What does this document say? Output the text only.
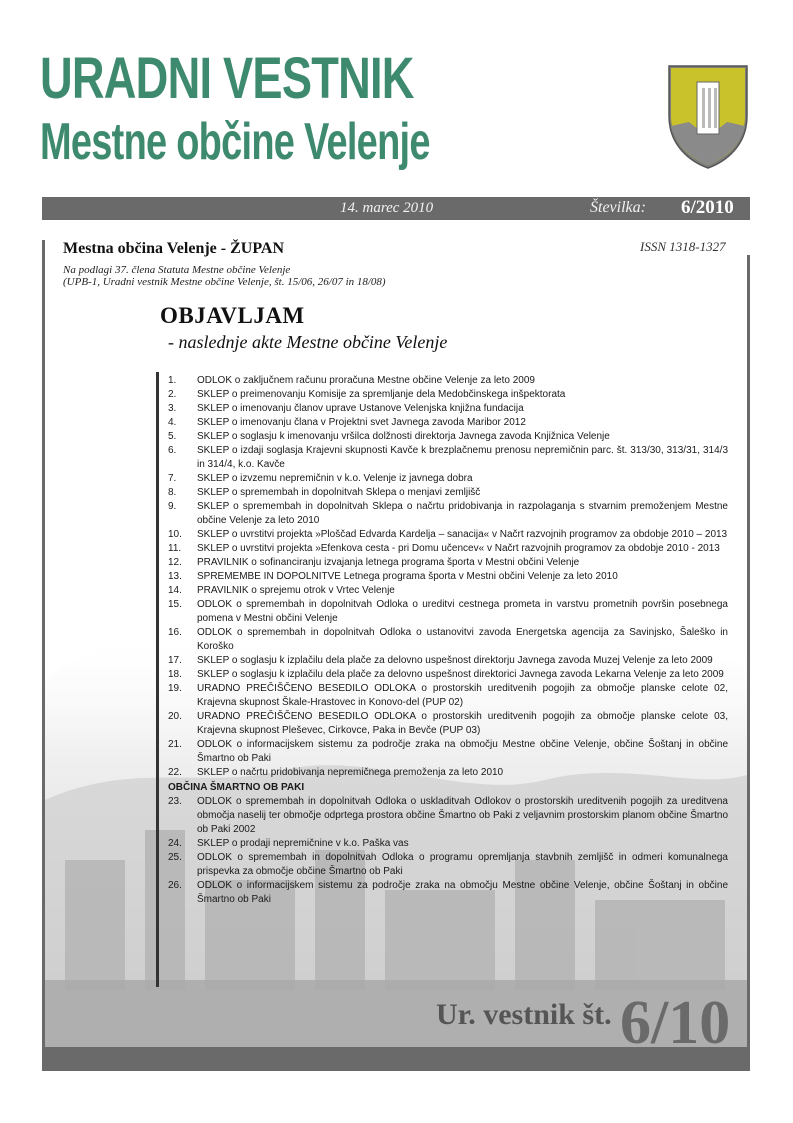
URADNI VESTNIK
Mestne občine Velenje
14. marec 2010	Številka: 6/2010
ISSN 1318-1327
Mestna občina Velenje - ŽUPAN
Na podlagi 37. člena Statuta Mestne občine Velenje
(UPB-1, Uradni vestnik Mestne občine Velenje, št. 15/06, 26/07 in 18/08)
OBJAVLJAM
- naslednje akte Mestne občine Velenje
1.	ODLOK o zaključnem računu proračuna Mestne občine Velenje za leto 2009
2.	SKLEP o preimenovanju Komisije za spremljanje dela Medobčinskega inšpektorata
3.	SKLEP o imenovanju članov uprave Ustanove Velenjska knjižna fundacija
4.	SKLEP o imenovanju člana v Projektni svet Javnega zavoda Maribor 2012
5.	SKLEP o soglasju k imenovanju vršilca dolžnosti direktorja Javnega zavoda Knjižnica Velenje
6.	SKLEP o izdaji soglasja Krajevni skupnosti Kavče k brezplačnemu prenosu nepremičnin parc. št. 313/30, 313/31, 314/3 in 314/4, k.o. Kavče
7.	SKLEP o izvzemu nepremičnin v k.o. Velenje iz javnega dobra
8.	SKLEP o spremembah in dopolnitvah Sklepa o menjavi zemljišč
9.	SKLEP o spremembah in dopolnitvah Sklepa o načrtu pridobivanja in razpolaganja s stvarnim premoženjem Mestne občine Velenje za leto 2010
10.	SKLEP o uvrstitvi projekta »Ploščad Edvarda Kardelja – sanacija« v Načrt razvojnih programov za obdobje 2010 – 2013
11.	SKLEP o uvrstitvi projekta »Efenkova cesta - pri Domu učencev« v Načrt razvojnih programov za obdobje 2010 - 2013
12.	PRAVILNIK o sofinanciranju izvajanja letnega programa športa v Mestni občini Velenje
13.	SPREMEMBE IN DOPOLNITVE Letnega programa športa v Mestni občini Velenje za leto 2010
14.	PRAVILNIK o sprejemu otrok v Vrtec Velenje
15.	ODLOK o spremembah in dopolnitvah Odloka o ureditvi cestnega prometa in varstvu prometnih površin posebnega pomena v Mestni občini Velenje
16.	ODLOK o spremembah in dopolnitvah Odloka o ustanovitvi zavoda Energetska agencija za Savinjsko, Šaleško in Koroško
17.	SKLEP o soglasju k izplačilu dela plače za delovno uspešnost direktorju Javnega zavoda Muzej Velenje za leto 2009
18.	SKLEP o soglasju k izplačilu dela plače za delovno uspešnost direktorici Javnega zavoda Lekarna Velenje za leto 2009
19.	URADNO PREČIŠČENO BESEDILO ODLOKA o prostorskih ureditvenih pogojih za območje planske celote 02, Krajevna skupnost Škale-Hrastovec in Konovo-del (PUP 02)
20.	URADNO PREČIŠČENO BESEDILO ODLOKA o prostorskih ureditvenih pogojih za območje planske celote 03, Krajevna skupnost Pleševec, Cirkovce, Paka in Bevče (PUP 03)
21.	ODLOK o informacijskem sistemu za področje zraka na območju Mestne občine Velenje, občine Šoštanj in občine Šmartno ob Paki
22.	SKLEP o načrtu pridobivanja nepremičnega premoženja za leto 2010
OBČINA ŠMARTNO OB PAKI
23.	ODLOK o spremembah in dopolnitvah Odloka o uskladitvah Odlokov o prostorskih ureditvenih pogojih za ureditvena območja naselij ter območje odprtega prostora občine Šmartno ob Paki z veljavnim prostorskim planom občine Šmartno ob Paki 2002
24.	SKLEP o prodaji nepremičnine v k.o. Paška vas
25.	ODLOK o spremembah in dopolnitvah Odloka o programu opremljanja stavbnih zemljišč in odmeri komunalnega prispevka za območje občine Šmartno ob Paki
26.	ODLOK o informacijskem sistemu za področje zraka na območju Mestne občine Velenje, občine Šoštanj in občine Šmartno ob Paki
Ur. vestnik št. 6/10
